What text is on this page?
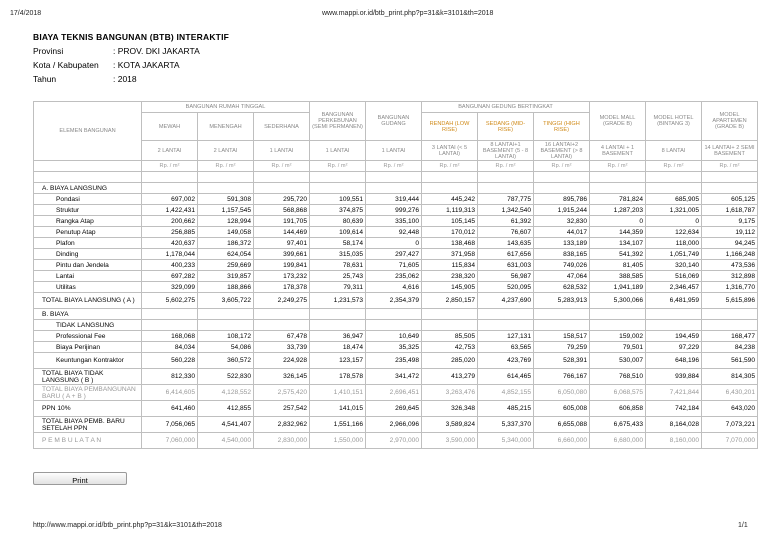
17/4/2018	www.mappi.or.id/btb_print.php?p=31&k=3101&th=2018
BIAYA TEKNIS BANGUNAN (BTB) INTERAKTIF
Provinsi	: PROV. DKI JAKARTA
Kota / Kabupaten	: KOTA JAKARTA
Tahun	: 2018
ELEMEN BANGUNAN	BANGUNAN RUMAH TINGGAL			BANGUNAN PERKEBUNAN (SEMI PERMANEN)	BANGUNAN GUDANG	BANGUNAN GEDUNG BERTINGKAT			MODEL MALL (GRADE B)	MODEL HOTEL (BINTANG 3)	MODEL APARTEMEN (GRADE B)
	MEWAH	MENENGAH	SEDERHANA			RENDAH (LOW RISE)	SEDANG (MID-RISE)	TINGGI (HIGH RISE)			
	2 LANTAI	2 LANTAI	1 LANTAI	1 LANTAI	1 LANTAI	3 LANTAI (< 5 LANTAI)	8 LANTAI+1 BASEMENT (5 - 8 LANTAI)	16 LANTAI+2 BASEMENT (> 8 LANTAI)	4 LANTAI + 1 BASEMENT	8 LANTAI	14 LANTAI+ 2 SEMI BASEMENT
	Rp. / m²	Rp. / m²	Rp. / m²	Rp. / m²	Rp. / m²	Rp. / m²	Rp. / m²	Rp. / m²	Rp. / m²	Rp. / m²	Rp. / m²

A. BIAYA LANGSUNG											
Pondasi	697,002	591,308	295,720	109,551	319,444	445,242	787,775	895,786	781,824	685,905	605,125
Struktur	1,422,431	1,157,545	568,868	374,875	999,276	1,119,313	1,342,540	1,915,244	1,287,203	1,321,005	1,618,787
Rangka Atap	200,662	128,994	191,705	80,639	335,100	105,145	61,392	32,830	0	0	9,175
Penutup Atap	256,885	149,058	144,469	109,614	92,448	170,012	76,607	44,017	144,359	122,634	19,112
Plafon	420,637	186,372	97,401	58,174	0	138,468	143,635	133,189	134,107	118,000	94,245
Dinding	1,178,044	624,054	399,661	315,035	297,427	371,958	617,656	838,165	541,392	1,051,749	1,166,248
Pintu dan Jendela	400,233	259,669	199,841	78,631	71,605	115,834	631,003	749,026	81,405	320,140	473,536
Lantai	697,282	319,857	173,232	25,743	235,062	238,320	56,987	47,064	388,585	516,069	312,898
Utilitas	329,099	188,866	178,378	79,311	4,616	145,905	520,095	628,532	1,941,189	2,346,457	1,316,770
TOTAL BIAYA LANGSUNG ( A )	5,602,275	3,605,722	2,249,275	1,231,573	2,354,379	2,850,157	4,237,690	5,283,913	5,300,066	6,481,959	5,615,896
B. BIAYA											
TIDAK LANGSUNG											
Professional Fee	168,068	108,172	67,478	36,947	10,649	85,505	127,131	158,517	159,002	194,459	168,477
Biaya Perijinan	84,034	54,086	33,739	18,474	35,325	42,753	63,565	79,259	79,501	97,229	84,238
Keuntungan Kontraktor	560,228	360,572	224,928	123,157	235,498	285,020	423,769	528,391	530,007	648,196	561,590
TOTAL BIAYA TIDAK LANGSUNG ( B )	812,330	522,830	326,145	178,578	341,472	413,279	614,465	766,167	768,510	939,884	814,305
TOTAL BIAYA PEMBANGUNAN BARU ( A + B )	6,414,605	4,128,552	2,575,420	1,410,151	2,696,451	3,263,476	4,852,155	6,050,080	6,068,575	7,421,844	6,430,201
PPN 10%	641,460	412,855	257,542	141,015	269,645	326,348	485,215	605,008	606,858	742,184	643,020
TOTAL BIAYA PEMB. BARU SETELAH PPN	7,056,065	4,541,407	2,832,962	1,551,166	2,966,096	3,589,824	5,337,370	6,655,088	6,675,433	8,164,028	7,073,221
P E M B U L A T A N	7,060,000	4,540,000	2,830,000	1,550,000	2,970,000	3,590,000	5,340,000	6,660,000	6,680,000	8,160,000	7,070,000
Print
http://www.mappi.or.id/btb_print.php?p=31&k=3101&th=2018	1/1
